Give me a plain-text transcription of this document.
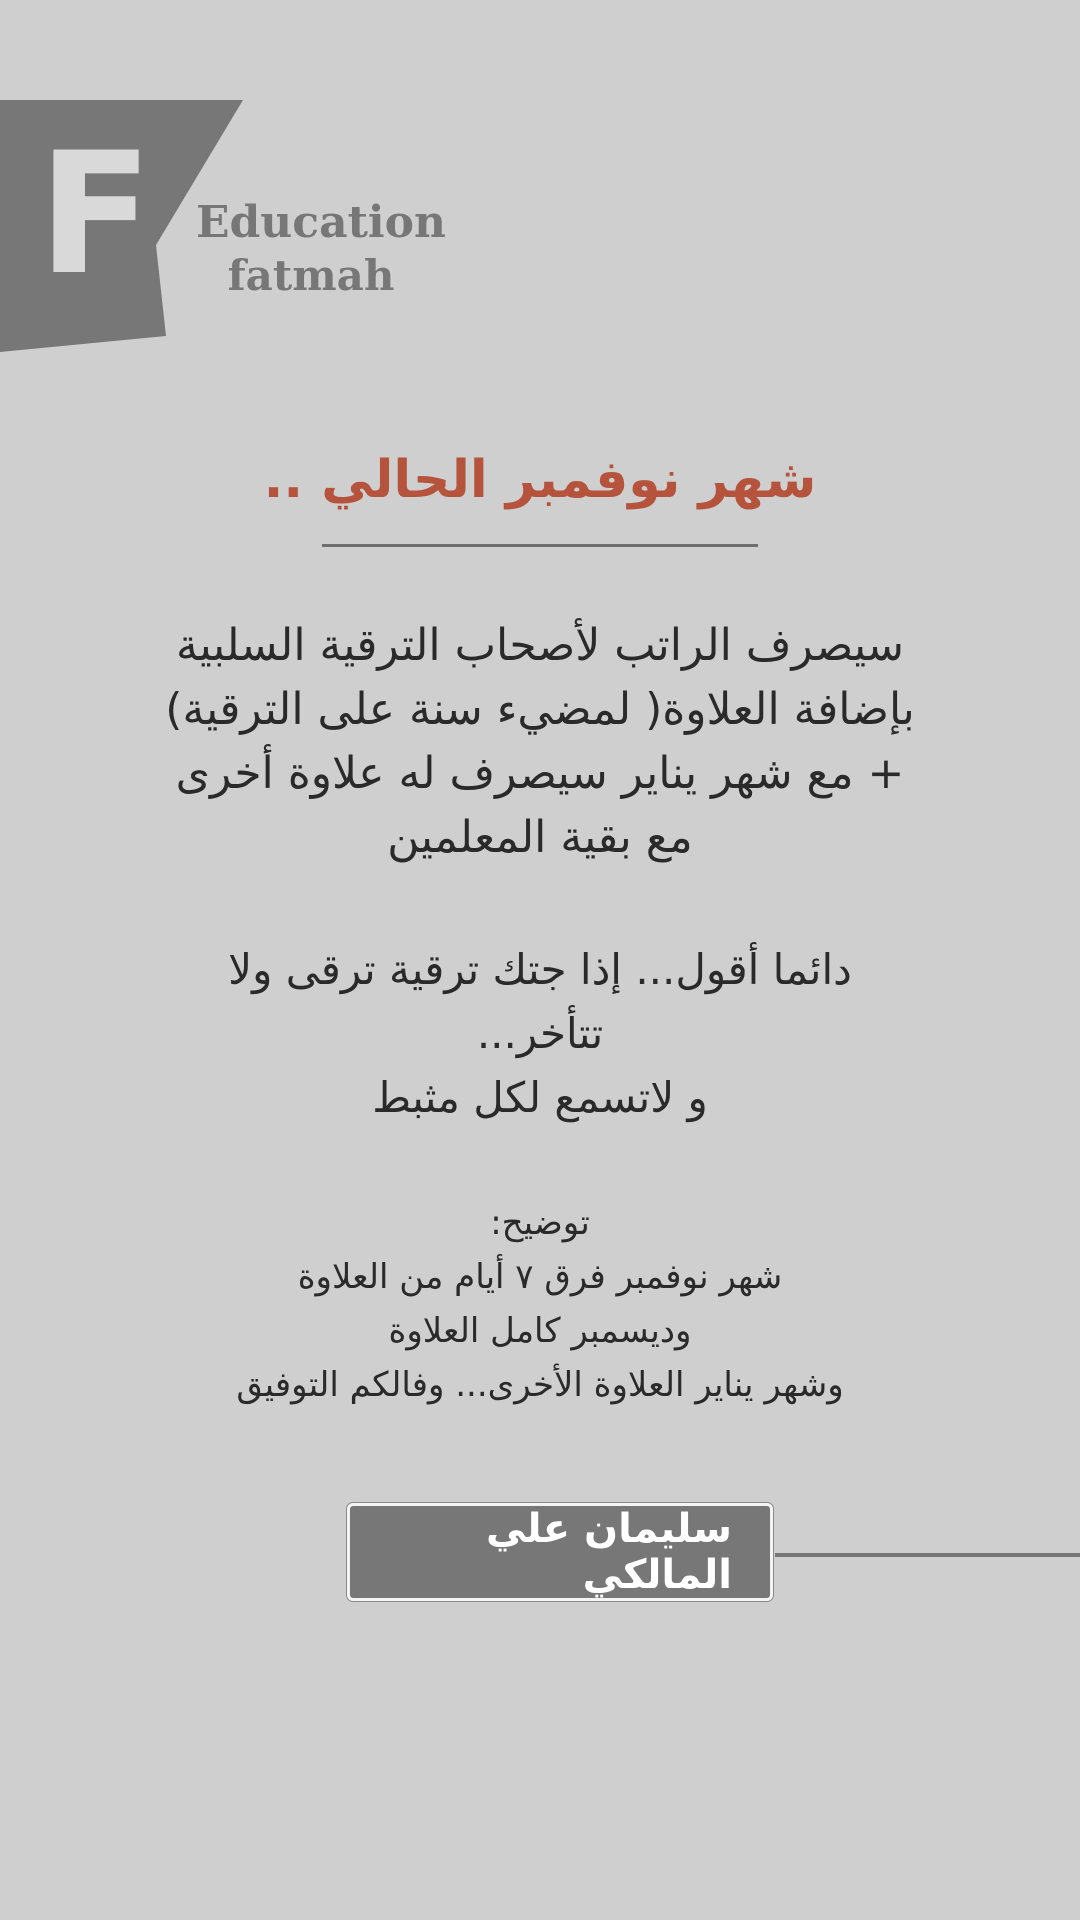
F Education
fatmah
شهر نوفمبر الحالي ..
سيصرف الراتب لأصحاب الترقية السلبية
بإضافة العلاوة( لمضيء سنة على الترقية)
+ مع شهر يناير سيصرف له علاوة أخرى
مع بقية المعلمين
دائما أقول... إذا جتك ترقية ترقى ولا
تتأخر...
و لاتسمع لكل مثبط
توضيح:
شهر نوفمبر فرق ٧ أيام من العلاوة
وديسمبر كامل العلاوة
وشهر يناير العلاوة الأخرى... وفالكم التوفيق
سليمان علي المالكي
